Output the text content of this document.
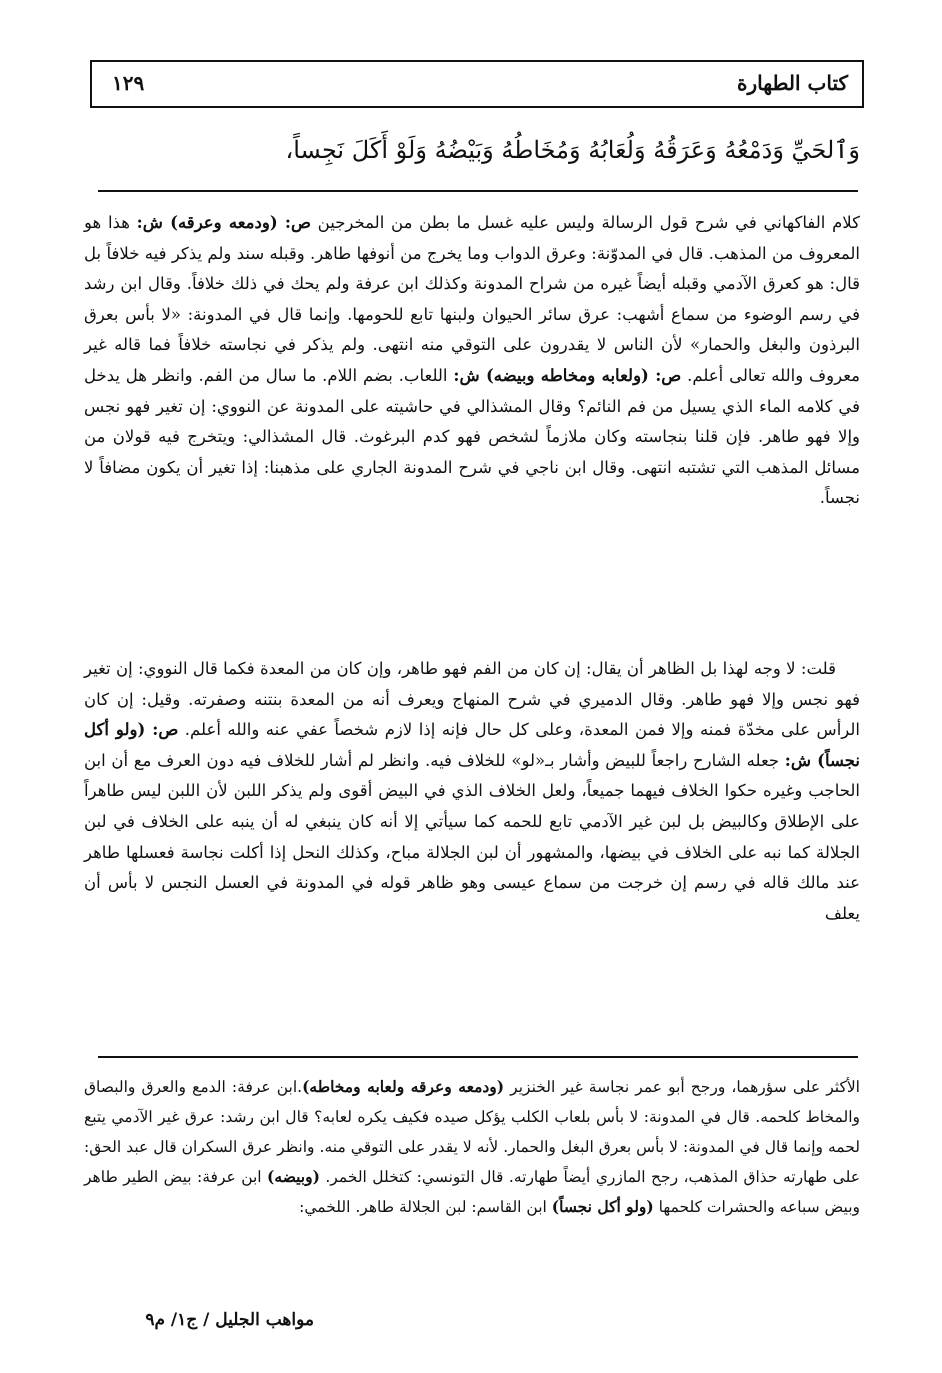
كتاب الطهارة
١٢٩
وَٱلحَيِّ وَدَمْعُهُ وَعَرَقُهُ وَلُعَابُهُ وَمُخَاطُهُ وَبَيْضُهُ وَلَوْ أَكَلَ نَجِساً،
كلام الفاكهاني في شرح قول الرسالة وليس عليه غسل ما بطن من المخرجين ص: (ودمعه وعرقه) ش: هذا هو المعروف من المذهب. قال في المدوّنة: وعرق الدواب وما يخرج من أنوفها طاهر. وقبله سند ولم يذكر فيه خلافاً بل قال: هو كعرق الآدمي وقبله أيضاً غيره من شراح المدونة وكذلك ابن عرفة ولم يحك في ذلك خلافاً. وقال ابن رشد في رسم الوضوء من سماع أشهب: عرق سائر الحيوان ولبنها تابع للحومها. وإنما قال في المدونة: «لا بأس بعرق البرذون والبغل والحمار» لأن الناس لا يقدرون على التوقي منه انتهى. ولم يذكر في نجاسته خلافاً فما قاله غير معروف والله تعالى أعلم. ص: (ولعابه ومخاطه وبيضه) ش: اللعاب. بضم اللام. ما سال من الفم. وانظر هل يدخل في كلامه الماء الذي يسيل من فم النائم؟ وقال المشذالي في حاشيته على المدونة عن النووي: إن تغير فهو نجس وإلا فهو طاهر. فإن قلنا بنجاسته وكان ملازماً لشخص فهو كدم البرغوث. قال المشذالي: ويتخرج فيه قولان من مسائل المذهب التي تشتبه انتهى. وقال ابن ناجي في شرح المدونة الجاري على مذهبنا: إذا تغير أن يكون مضافاً لا نجساً.
قلت: لا وجه لهذا بل الظاهر أن يقال: إن كان من الفم فهو طاهر، وإن كان من المعدة فكما قال النووي: إن تغير فهو نجس وإلا فهو طاهر. وقال الدميري في شرح المنهاج ويعرف أنه من المعدة بنتنه وصفرته. وقيل: إن كان الرأس على مخدّة فمنه وإلا فمن المعدة، وعلى كل حال فإنه إذا لازم شخصاً عفي عنه والله أعلم. ص: (ولو أكل نجساً) ش: جعله الشارح راجعاً للبيض وأشار بـ«لو» للخلاف فيه. وانظر لم أشار للخلاف فيه دون العرف مع أن ابن الحاجب وغيره حكوا الخلاف فيهما جميعاً، ولعل الخلاف الذي في البيض أقوى ولم يذكر اللبن لأن اللبن ليس طاهراً على الإطلاق وكالبيض بل لبن غير الآدمي تابع للحمه كما سيأتي إلا أنه كان ينبغي له أن ينبه على الخلاف في لبن الجلالة كما نبه على الخلاف في بيضها، والمشهور أن لبن الجلالة مباح، وكذلك النحل إذا أكلت نجاسة فعسلها طاهر عند مالك قاله في رسم إن خرجت من سماع عيسى وهو ظاهر قوله في المدونة في العسل النجس لا بأس أن يعلف
الأكثر على سؤرهما، ورجح أبو عمر نجاسة غير الخنزير (ودمعه وعرقه ولعابه ومخاطه).ابن عرفة: الدمع والعرق والبصاق والمخاط كلحمه. قال في المدونة: لا بأس بلعاب الكلب يؤكل صيده فكيف يكره لعابه؟ قال ابن رشد: عرق غير الآدمي يتبع لحمه وإنما قال في المدونة: لا بأس بعرق البغل والحمار. لأنه لا يقدر على التوقي منه. وانظر عرق السكران قال عبد الحق: على طهارته حذاق المذهب، رجح المازري أيضاً طهارته. قال التونسي: كتخلل الخمر. (وبيضه) ابن عرفة: بيض الطير طاهر وبيض سباعه والحشرات كلحمها (ولو أكل نجساً) ابن القاسم: لبن الجلالة طاهر. اللخمي:
مواهب الجليل / ج١/ م٩
